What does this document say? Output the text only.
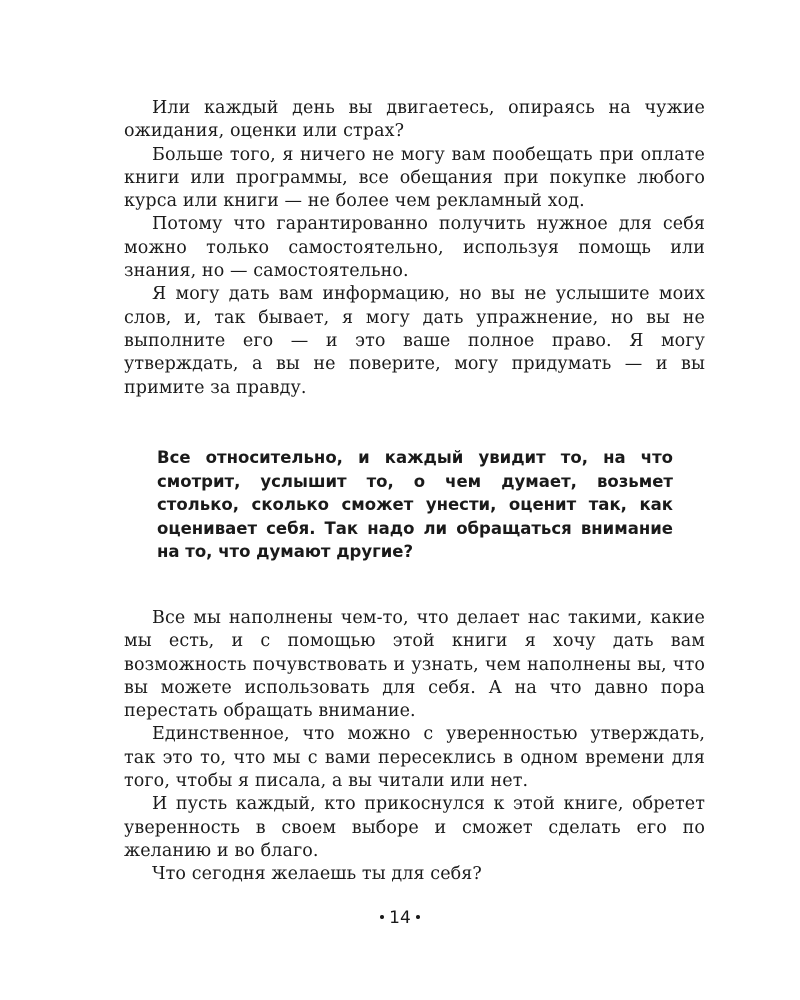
Или каждый день вы двигаетесь, опираясь на чужие ожидания, оценки или страх?

Больше того, я ничего не могу вам пообещать при оплате книги или программы, все обещания при покупке любого курса или книги — не более чем рекламный ход.

Потому что гарантированно получить нужное для себя можно только самостоятельно, используя помощь или знания, но — самостоятельно.

Я могу дать вам информацию, но вы не услышите моих слов, и, так бывает, я могу дать упражнение, но вы не выполните его — и это ваше полное право. Я могу утверждать, а вы не поверите, могу придумать — и вы примите за правду.

Все относительно, и каждый увидит то, на что смотрит, услышит то, о чем думает, возьмет столько, сколько сможет унести, оценит так, как оценивает себя. Так надо ли обращаться внимание на то, что думают другие?

Все мы наполнены чем-то, что делает нас такими, какие мы есть, и с помощью этой книги я хочу дать вам возможность почувствовать и узнать, чем наполнены вы, что вы можете использовать для себя. А на что давно пора перестать обращать внимание.

Единственное, что можно с уверенностью утверждать, так это то, что мы с вами пересеклись в одном времени для того, чтобы я писала, а вы читали или нет.

И пусть каждый, кто прикоснулся к этой книге, обретет уверенность в своем выборе и сможет сделать его по желанию и во благо.

Что сегодня желаешь ты для себя?

14
